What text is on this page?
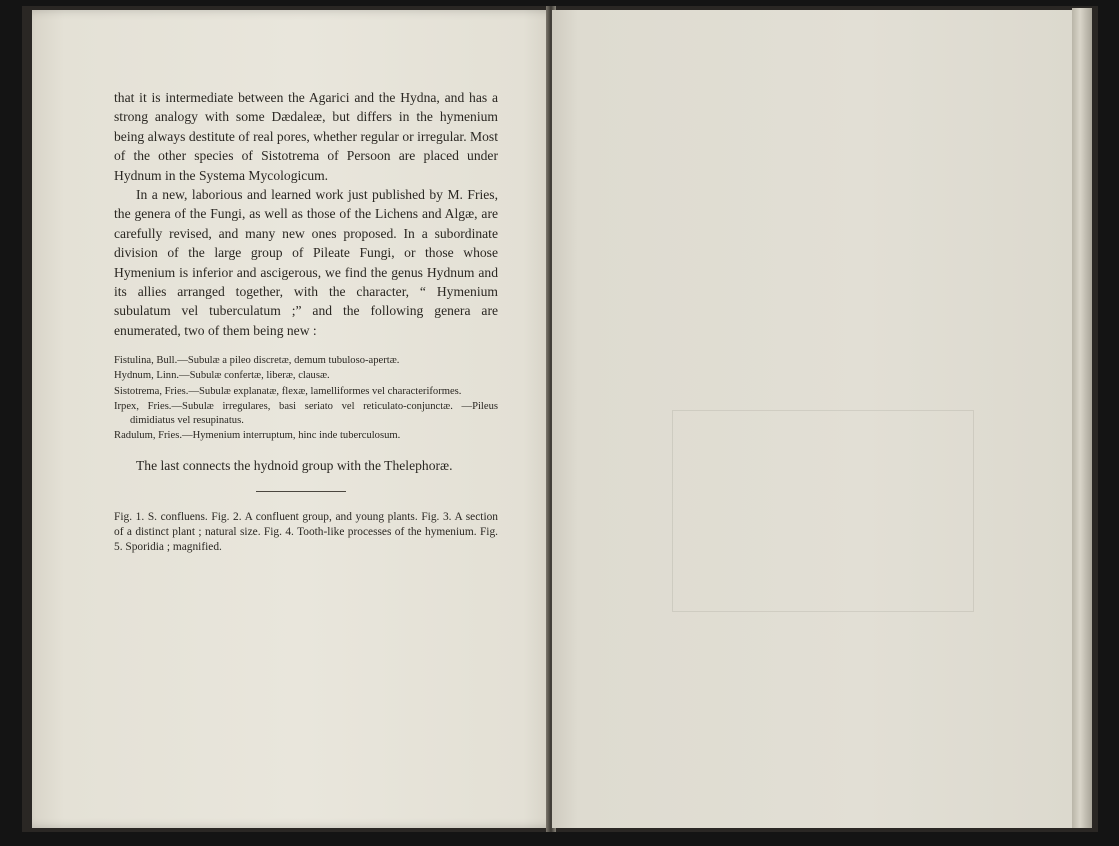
that it is intermediate between the Agarici and the Hydna, and has a strong analogy with some Dædaleæ, but differs in the hymenium being always destitute of real pores, whether regular or irregular. Most of the other species of Sistotrema of Persoon are placed under Hydnum in the Systema Mycologicum.

In a new, laborious and learned work just published by M. Fries, the genera of the Fungi, as well as those of the Lichens and Algæ, are carefully revised, and many new ones proposed. In a subordinate division of the large group of Pileate Fungi, or those whose Hymenium is inferior and ascigerous, we find the genus Hydnum and its allies arranged together, with the character, “ Hymenium subulatum vel tuberculatum ;” and the following genera are enumerated, two of them being new :

Fistulina, Bull.—Subulæ a pileo discretæ, demum tubuloso-apertæ.

Hydnum, Linn.—Subulæ confertæ, liberæ, clausæ.

Sistotrema, Fries.—Subulæ explanatæ, flexæ, lamelliformes vel characteriformes.

Irpex, Fries.—Subulæ irregulares, basi seriato vel reticulato-conjunctæ. —Pileus dimidiatus vel resupinatus.

Radulum, Fries.—Hymenium interruptum, hinc inde tuberculosum.

The last connects the hydnoid group with the Thelephoræ.

Fig. 1. S. confluens. Fig. 2. A confluent group, and young plants. Fig. 3. A section of a distinct plant ; natural size. Fig. 4. Tooth-like processes of the hymenium. Fig. 5. Sporidia ; magnified.
